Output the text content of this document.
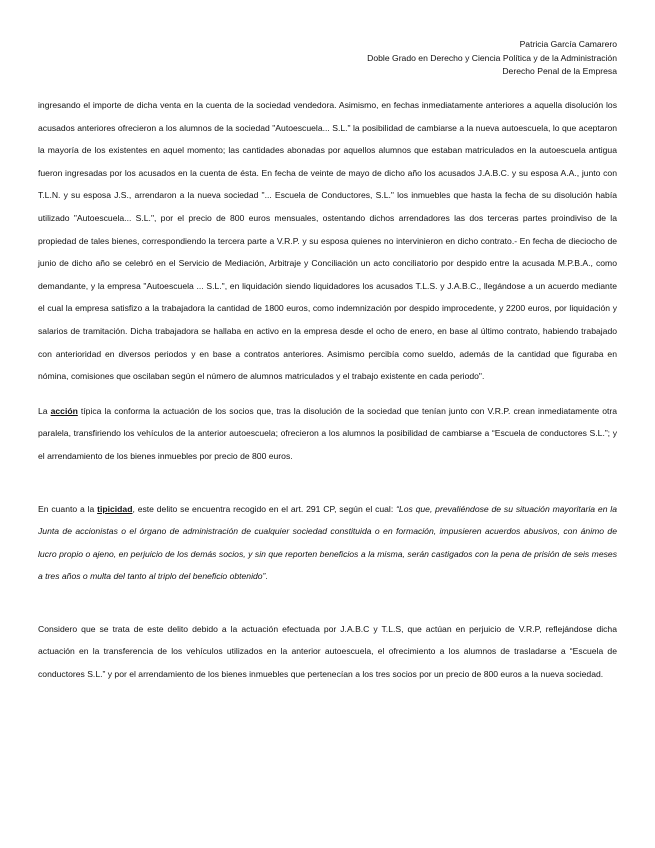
Patricia García Camarero
Doble Grado en Derecho y Ciencia Política y de la Administración
Derecho Penal de la Empresa

ingresando el importe de dicha venta en la cuenta de la sociedad vendedora. Asimismo, en fechas inmediatamente anteriores a aquella disolución los acusados anteriores ofrecieron a los alumnos de la sociedad "Autoescuela... S.L." la posibilidad de cambiarse a la nueva autoescuela, lo que aceptaron la mayoría de los existentes en aquel momento; las cantidades abonadas por aquellos alumnos que estaban matriculados en la autoescuela antigua fueron ingresadas por los acusados en la cuenta de ésta. En fecha de veinte de mayo de dicho año los acusados J.A.B.C. y su esposa A.A., junto con T.L.N. y su esposa J.S., arrendaron a la nueva sociedad "... Escuela de Conductores, S.L." los inmuebles que hasta la fecha de su disolución había utilizado "Autoescuela... S.L.", por el precio de 800 euros mensuales, ostentando dichos arrendadores las dos terceras partes proindiviso de la propiedad de tales bienes, correspondiendo la tercera parte a V.R.P. y su esposa quienes no intervinieron en dicho contrato.- En fecha de dieciocho de junio de dicho año se celebró en el Servicio de Mediación, Arbitraje y Conciliación un acto conciliatorio por despido entre la acusada M.P.B.A., como demandante, y la empresa "Autoescuela ... S.L.", en liquidación siendo liquidadores los acusados T.L.S. y J.A.B.C., llegándose a un acuerdo mediante el cual la empresa satisfizo a la trabajadora la cantidad de 1800 euros, como indemnización por despido improcedente, y 2200 euros, por liquidación y salarios de tramitación. Dicha trabajadora se hallaba en activo en la empresa desde el ocho de enero, en base al último contrato, habiendo trabajado con anterioridad en diversos periodos y en base a contratos anteriores. Asimismo percibía como sueldo, además de la cantidad que figuraba en nómina, comisiones que oscilaban según el número de alumnos matriculados y el trabajo existente en cada periodo".

La acción típica la conforma la actuación de los socios que, tras la disolución de la sociedad que tenían junto con V.R.P. crean inmediatamente otra paralela, transfiriendo los vehículos de la anterior autoescuela; ofrecieron a los alumnos la posibilidad de cambiarse a “Escuela de conductores S.L.”; y el arrendamiento de los bienes inmuebles por precio de 800 euros.

En cuanto a la tipicidad, este delito se encuentra recogido en el art. 291 CP, según el cual: “Los que, prevaliéndose de su situación mayoritaria en la Junta de accionistas o el órgano de administración de cualquier sociedad constituida o en formación, impusieren acuerdos abusivos, con ánimo de lucro propio o ajeno, en perjuicio de los demás socios, y sin que reporten beneficios a la misma, serán castigados con la pena de prisión de seis meses a tres años o multa del tanto al triplo del beneficio obtenido”.

Considero que se trata de este delito debido a la actuación efectuada por J.A.B.C y T.L.S, que actúan en perjuicio de V.R.P, reflejándose dicha actuación en la transferencia de los vehículos utilizados en la anterior autoescuela, el ofrecimiento a los alumnos de trasladarse a “Escuela de conductores S.L.” y por el arrendamiento de los bienes inmuebles que pertenecían a los tres socios por un precio de 800 euros a la nueva sociedad.
